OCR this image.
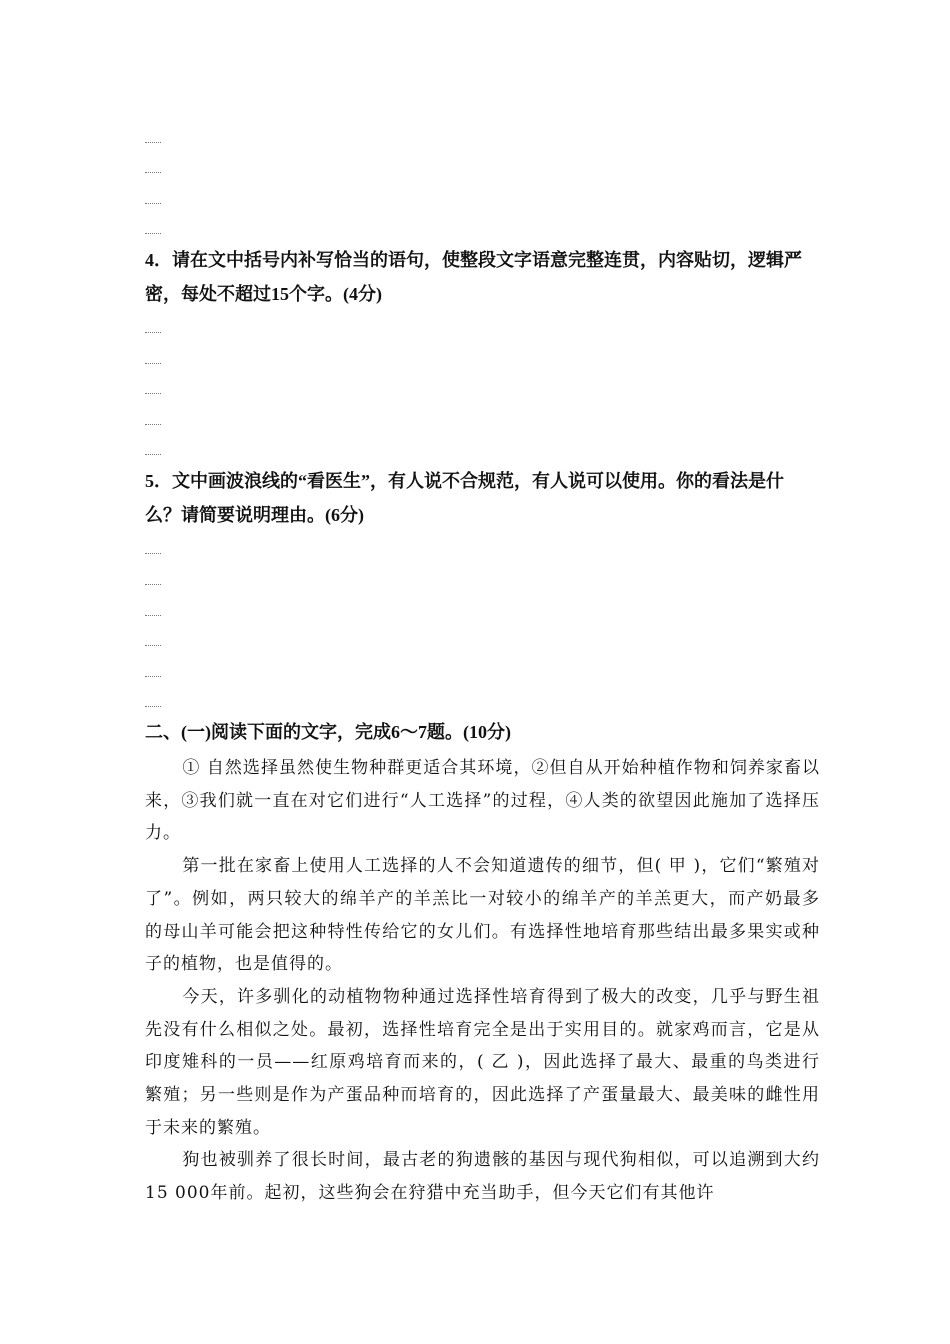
4．请在文中括号内补写恰当的语句，使整段文字语意完整连贯，内容贴切，逻辑严密，每处不超过15个字。(4分)
5．文中画波浪线的“看医生”，有人说不合规范，有人说可以使用。你的看法是什么？请简要说明理由。(6分)
二、(一)阅读下面的文字，完成6～7题。(10分)

① 自然选择虽然使生物种群更适合其环境，②但自从开始种植作物和饲养家畜以来，③我们就一直在对它们进行“人工选择”的过程，④人类的欲望因此施加了选择压力。

第一批在家畜上使用人工选择的人不会知道遗传的细节，但( 甲 )，它们“繁殖对了”。例如，两只较大的绵羊产的羊羔比一对较小的绵羊产的羊羔更大，而产奶最多的母山羊可能会把这种特性传给它的女儿们。有选择性地培育那些结出最多果实或种子的植物，也是值得的。

今天，许多驯化的动植物物种通过选择性培育得到了极大的改变，几乎与野生祖先没有什么相似之处。最初，选择性培育完全是出于实用目的。就家鸡而言，它是从印度雉科的一员——红原鸡培育而来的，( 乙 )，因此选择了最大、最重的鸟类进行繁殖；另一些则是作为产蛋品种而培育的，因此选择了产蛋量最大、最美味的雌性用于未来的繁殖。

狗也被驯养了很长时间，最古老的狗遗骸的基因与现代狗相似，可以追溯到大约15 000年前。起初，这些狗会在狩猎中充当助手，但今天它们有其他许
